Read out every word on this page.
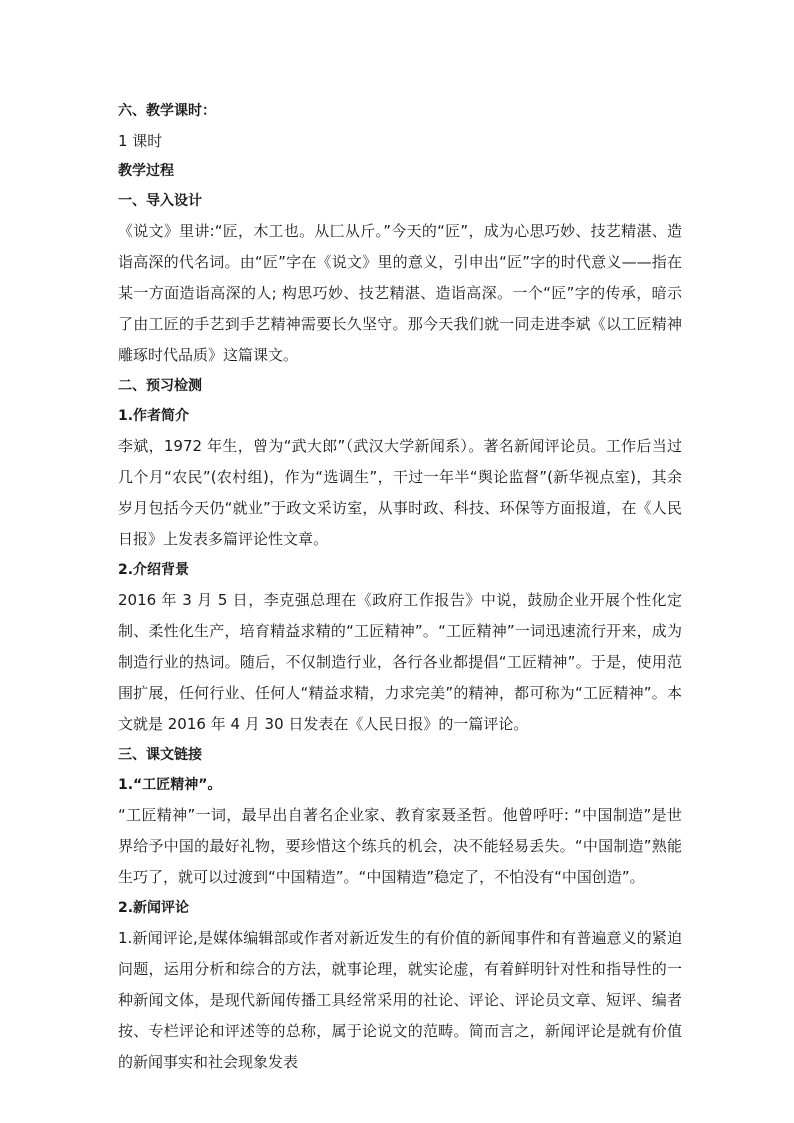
六、教学课时：

1 课时

教学过程

一、导入设计

《说文》里讲:“匠，木工也。从匚从斤。”今天的“匠”，成为心思巧妙、技艺精湛、造诣高深的代名词。由“匠”字在《说文》里的意义，引申出“匠”字的时代意义——指在某一方面造诣高深的人; 构思巧妙、技艺精湛、造诣高深。一个“匠”字的传承，暗示了由工匠的手艺到手艺精神需要长久坚守。那今天我们就一同走进李斌《以工匠精神雕琢时代品质》这篇课文。

二、预习检测

1.作者简介

李斌，1972 年生，曾为“武大郎”（武汉大学新闻系）。著名新闻评论员。工作后当过几个月“农民”(农村组)，作为“选调生”，干过一年半“舆论监督”(新华视点室)，其余岁月包括今天仍“就业”于政文采访室，从事时政、科技、环保等方面报道，在《人民日报》上发表多篇评论性文章。

2.介绍背景

2016 年 3 月 5 日，李克强总理在《政府工作报告》中说，鼓励企业开展个性化定制、柔性化生产，培育精益求精的“工匠精神”。“工匠精神”一词迅速流行开来，成为制造行业的热词。随后，不仅制造行业，各行各业都提倡“工匠精神”。于是，使用范围扩展，任何行业、任何人“精益求精，力求完美”的精神，都可称为“工匠精神”。本文就是 2016 年 4 月 30 日发表在《人民日报》的一篇评论。

三、课文链接

1.“工匠精神”。

“工匠精神”一词，最早出自著名企业家、教育家聂圣哲。他曾呼吁: “中国制造”是世界给予中国的最好礼物，要珍惜这个练兵的机会，决不能轻易丢失。“中国制造”熟能生巧了，就可以过渡到“中国精造”。“中国精造”稳定了，不怕没有“中国创造”。

2.新闻评论

1.新闻评论,是媒体编辑部或作者对新近发生的有价值的新闻事件和有普遍意义的紧迫问题，运用分析和综合的方法，就事论理，就实论虚，有着鲜明针对性和指导性的一种新闻文体，是现代新闻传播工具经常采用的社论、评论、评论员文章、短评、编者按、专栏评论和评述等的总称，属于论说文的范畴。简而言之，新闻评论是就有价值的新闻事实和社会现象发表
